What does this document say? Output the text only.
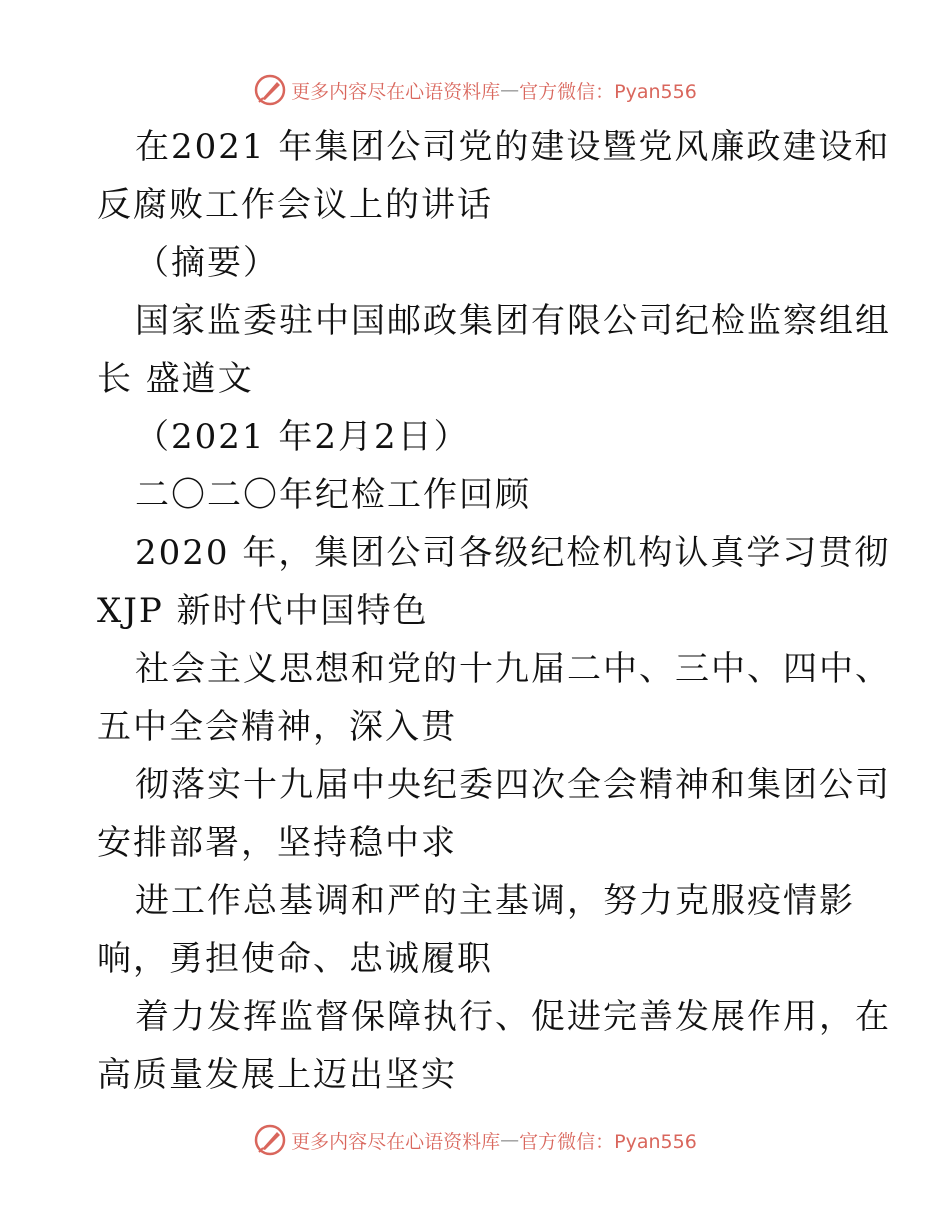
更多内容尽在心语资料库 — 官方微信：Pyan556
在2021 年集团公司党的建设暨党风廉政建设和
反腐败工作会议上的讲话
（摘要）
国家监委驻中国邮政集团有限公司纪检监察组组
长 盛遒文
（2021 年2月2日）
二〇二〇年纪检工作回顾
2020 年，集团公司各级纪检机构认真学习贯彻
XJP 新时代中国特色
社会主义思想和党的十九届二中、三中、四中、
五中全会精神，深入贯
彻落实十九届中央纪委四次全会精神和集团公司
安排部署，坚持稳中求
进工作总基调和严的主基调，努力克服疫情影
响，勇担使命、忠诚履职
着力发挥监督保障执行、促进完善发展作用，在
高质量发展上迈出坚实
更多内容尽在心语资料库 — 官方微信：Pyan556
